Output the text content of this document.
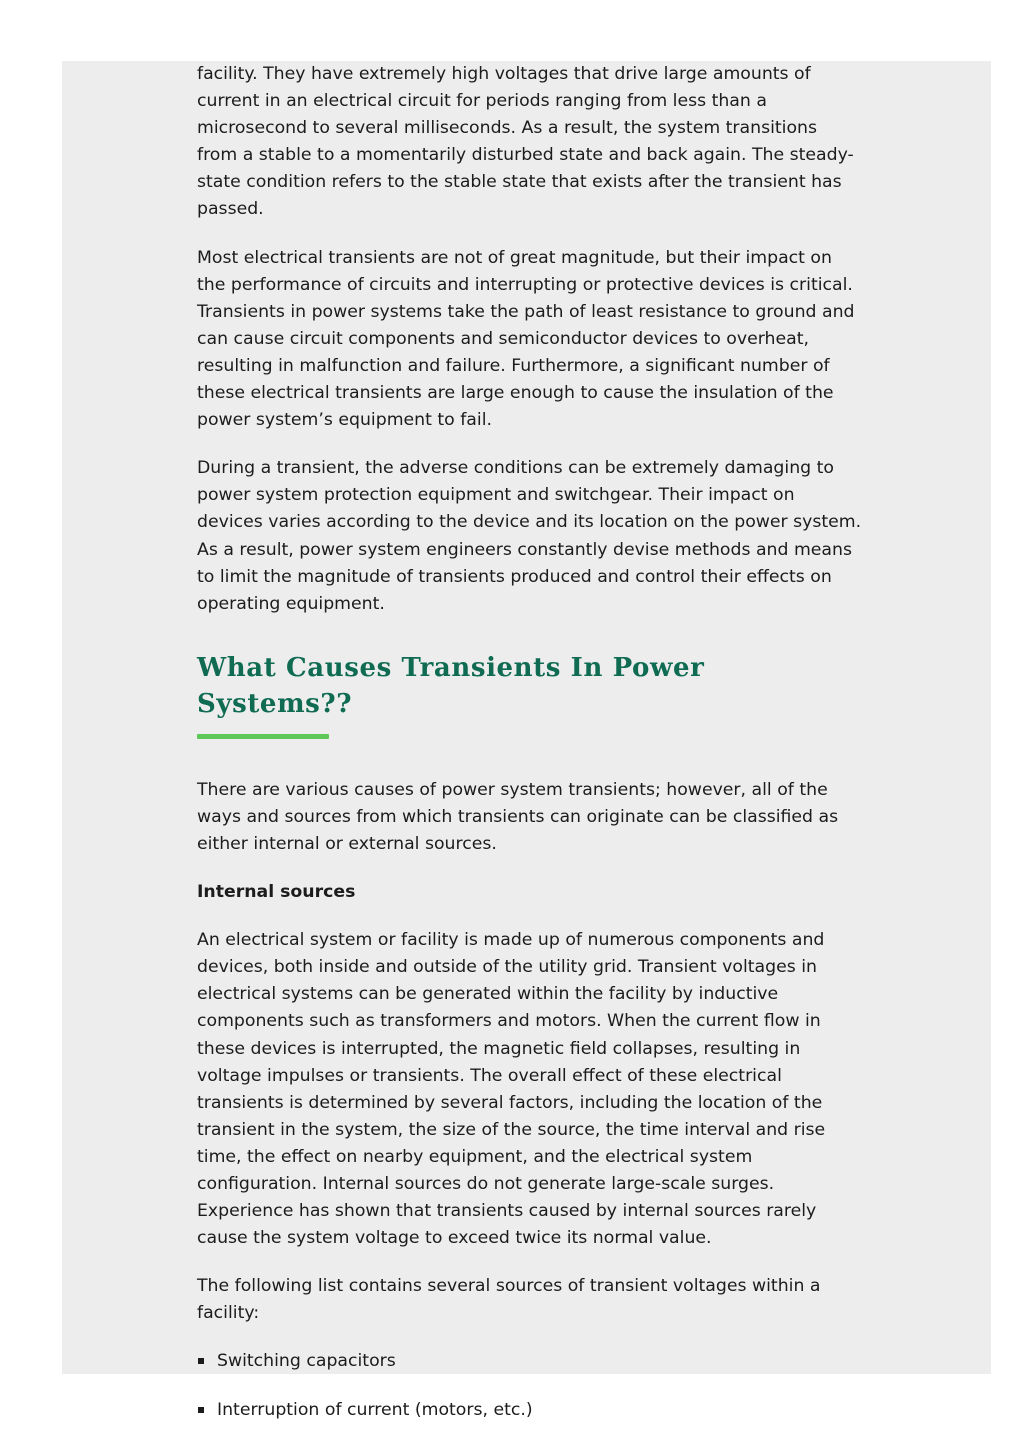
facility. They have extremely high voltages that drive large amounts of current in an electrical circuit for periods ranging from less than a microsecond to several milliseconds. As a result, the system transitions from a stable to a momentarily disturbed state and back again. The steady-state condition refers to the stable state that exists after the transient has passed.

Most electrical transients are not of great magnitude, but their impact on the performance of circuits and interrupting or protective devices is critical. Transients in power systems take the path of least resistance to ground and can cause circuit components and semiconductor devices to overheat, resulting in malfunction and failure. Furthermore, a significant number of these electrical transients are large enough to cause the insulation of the power system’s equipment to fail.

During a transient, the adverse conditions can be extremely damaging to power system protection equipment and switchgear. Their impact on devices varies according to the device and its location on the power system. As a result, power system engineers constantly devise methods and means to limit the magnitude of transients produced and control their effects on operating equipment.

What Causes Transients In Power Systems??

There are various causes of power system transients; however, all of the ways and sources from which transients can originate can be classified as either internal or external sources.

Internal sources

An electrical system or facility is made up of numerous components and devices, both inside and outside of the utility grid. Transient voltages in electrical systems can be generated within the facility by inductive components such as transformers and motors. When the current flow in these devices is interrupted, the magnetic field collapses, resulting in voltage impulses or transients. The overall effect of these electrical transients is determined by several factors, including the location of the transient in the system, the size of the source, the time interval and rise time, the effect on nearby equipment, and the electrical system configuration. Internal sources do not generate large-scale surges. Experience has shown that transients caused by internal sources rarely cause the system voltage to exceed twice its normal value.

The following list contains several sources of transient voltages within a facility:

Switching capacitors
Interruption of current (motors, etc.)
